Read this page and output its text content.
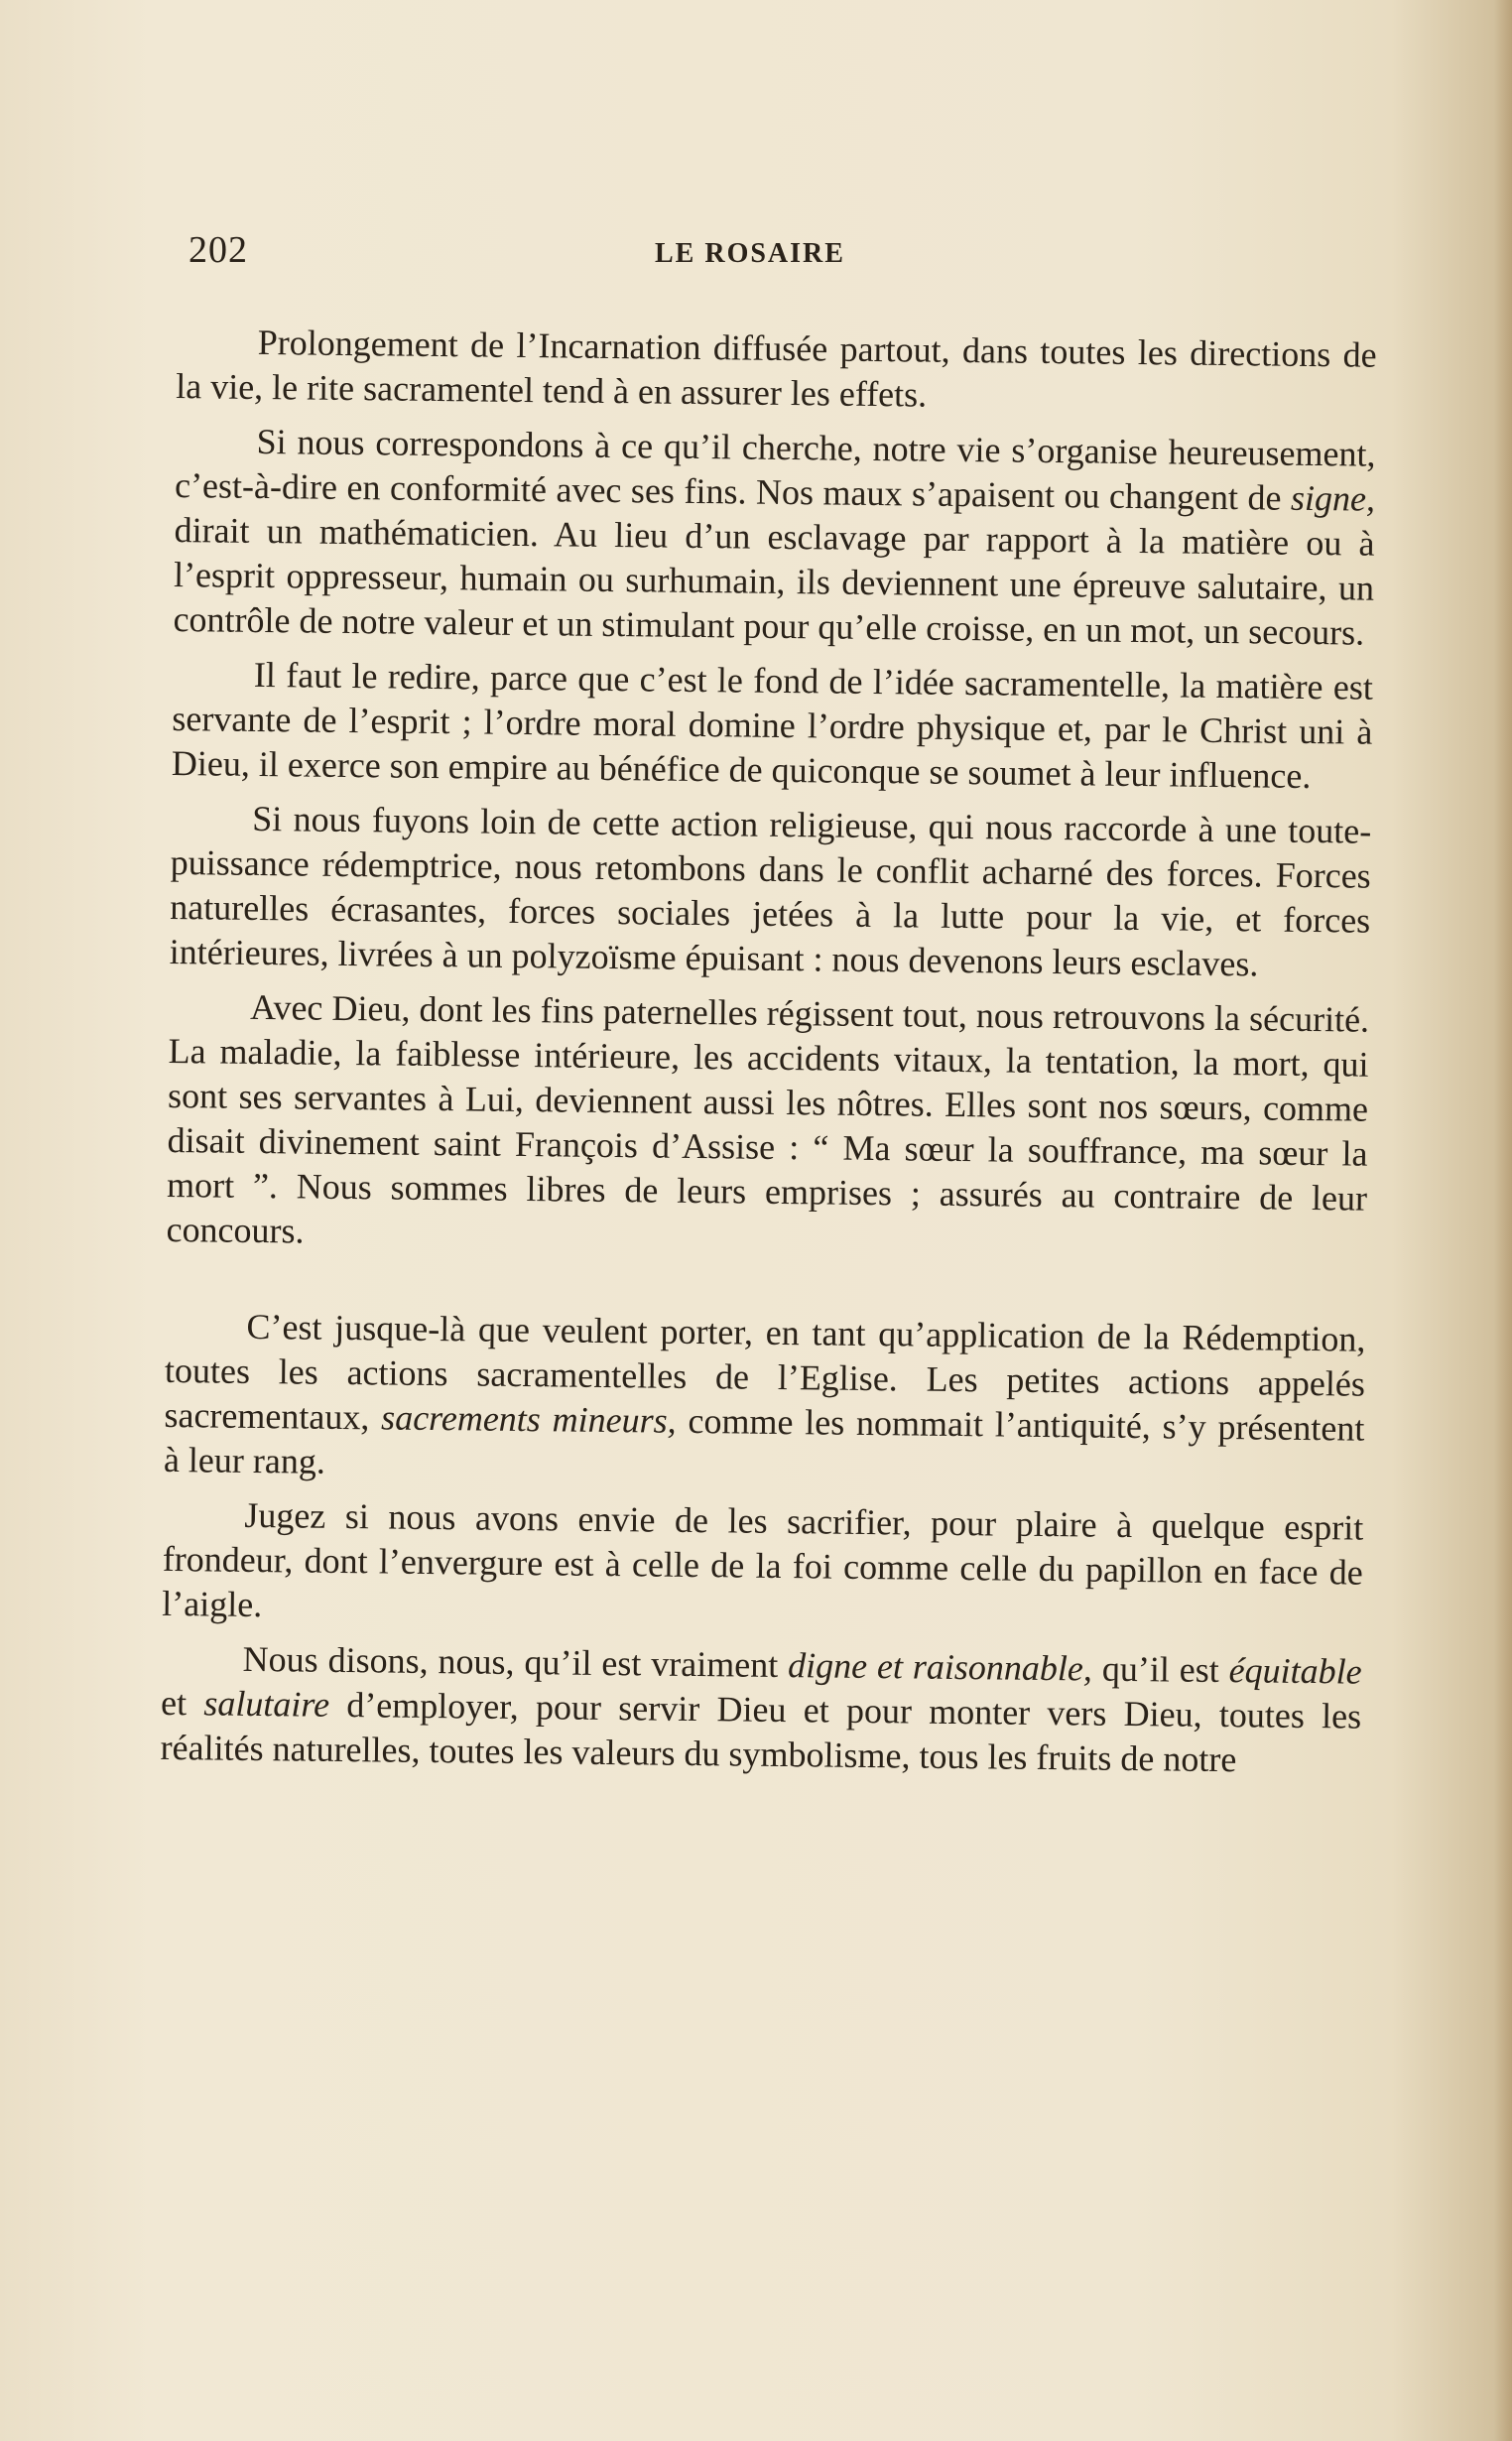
202	LE ROSAIRE

Prolongement de l’Incarnation diffusée partout, dans toutes les directions de la vie, le rite sacramentel tend à en assurer les effets.

Si nous correspondons à ce qu’il cherche, notre vie s’organise heureusement, c’est-à-dire en conformité avec ses fins. Nos maux s’apaisent ou changent de signe, dirait un mathématicien. Au lieu d’un esclavage par rapport à la matière ou à l’esprit oppresseur, humain ou surhumain, ils deviennent une épreuve salutaire, un contrôle de notre valeur et un stimulant pour qu’elle croisse, en un mot, un secours.

Il faut le redire, parce que c’est le fond de l’idée sacramentelle, la matière est servante de l’esprit ; l’ordre moral domine l’ordre physique et, par le Christ uni à Dieu, il exerce son empire au bénéfice de quiconque se soumet à leur influence.

Si nous fuyons loin de cette action religieuse, qui nous raccorde à une toute-puissance rédemptrice, nous retombons dans le conflit acharné des forces. Forces naturelles écrasantes, forces sociales jetées à la lutte pour la vie, et forces intérieures, livrées à un polyzoïsme épuisant : nous devenons leurs esclaves.

Avec Dieu, dont les fins paternelles régissent tout, nous retrouvons la sécurité. La maladie, la faiblesse intérieure, les accidents vitaux, la tentation, la mort, qui sont ses servantes à Lui, deviennent aussi les nôtres. Elles sont nos sœurs, comme disait divinement saint François d’Assise : “ Ma sœur la souffrance, ma sœur la mort ”. Nous sommes libres de leurs emprises ; assurés au contraire de leur concours.

C’est jusque-là que veulent porter, en tant qu’application de la Rédemption, toutes les actions sacramentelles de l’Eglise. Les petites actions appelés sacrementaux, sacrements mineurs, comme les nommait l’antiquité, s’y présentent à leur rang.

Jugez si nous avons envie de les sacrifier, pour plaire à quelque esprit frondeur, dont l’envergure est à celle de la foi comme celle du papillon en face de l’aigle.

Nous disons, nous, qu’il est vraiment digne et raisonnable, qu’il est équitable et salutaire d’employer, pour servir Dieu et pour monter vers Dieu, toutes les réalités naturelles, toutes les valeurs du symbolisme, tous les fruits de notre
